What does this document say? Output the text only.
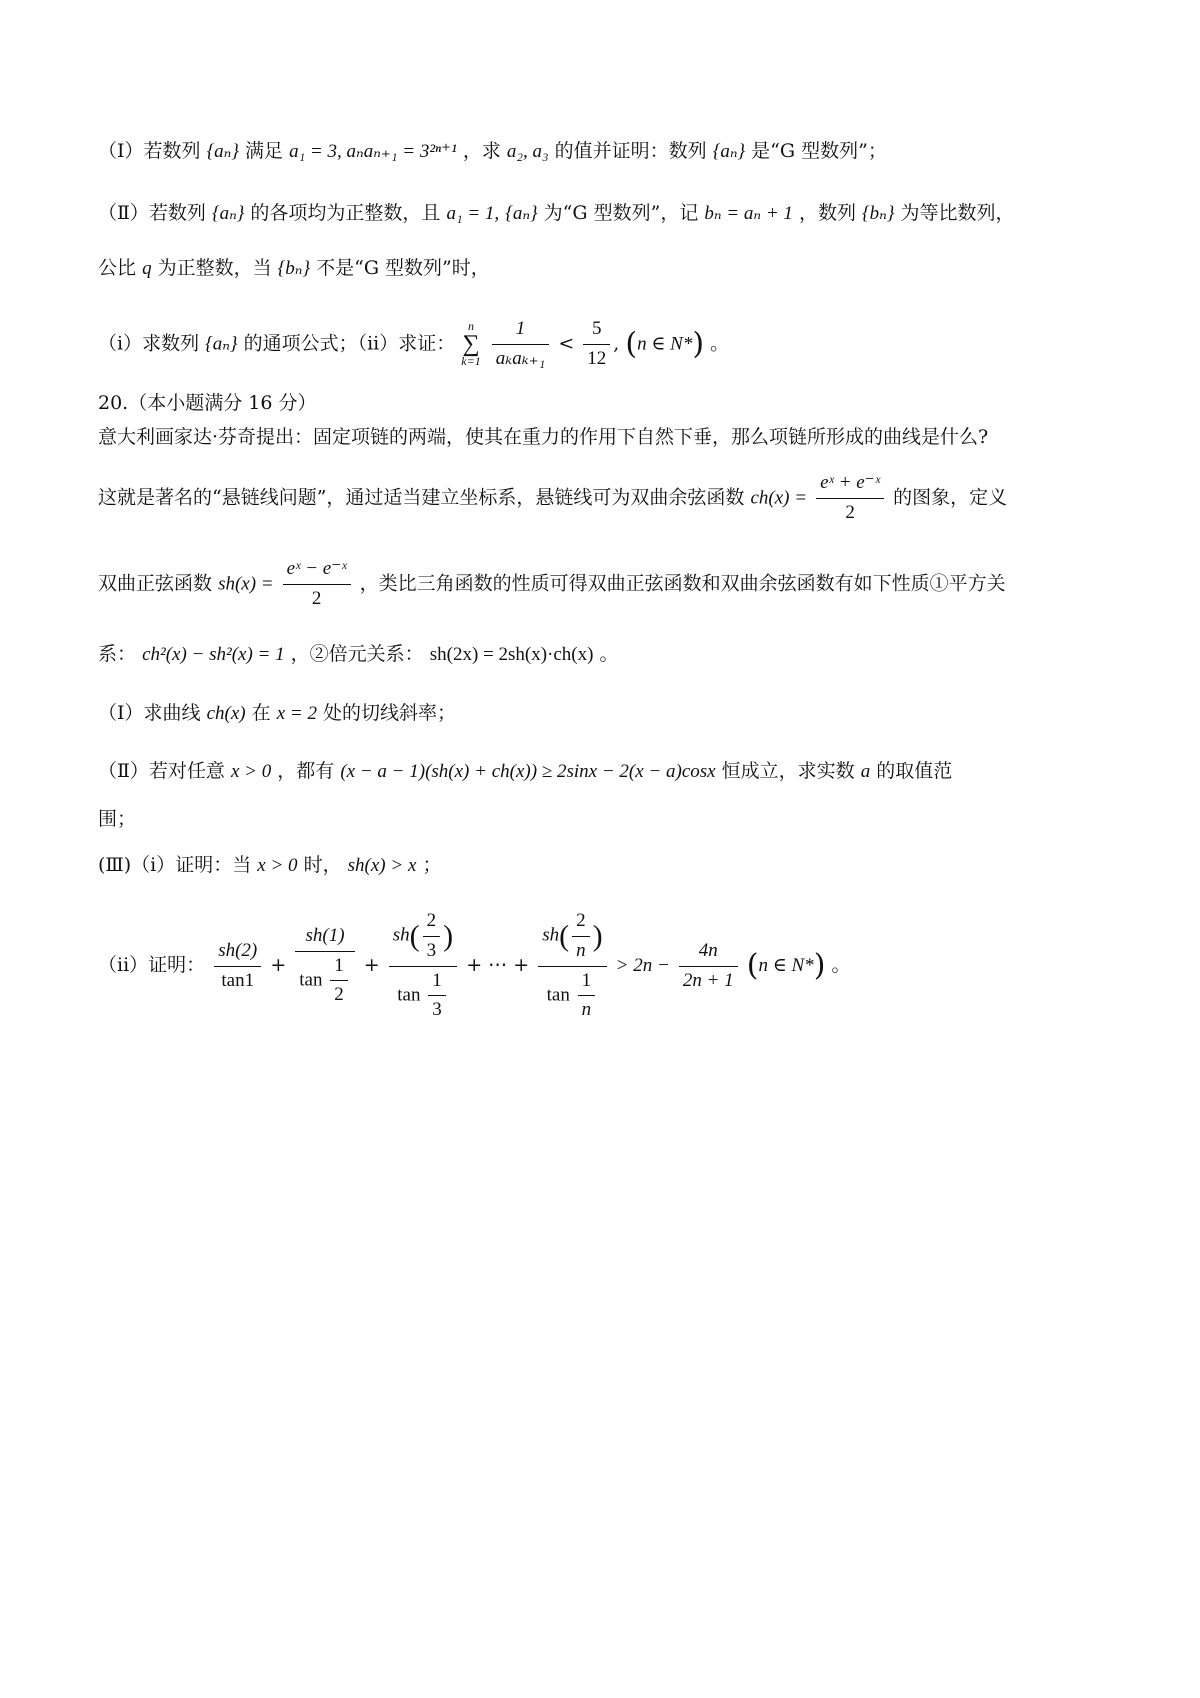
（Ⅰ）若数列 {aₙ} 满足 a₁ = 3, aₙaₙ₊₁ = 3²ⁿ⁺¹ ，求 a₂, a₃ 的值并证明：数列 {aₙ} 是“G 型数列”；
（Ⅱ）若数列 {aₙ} 的各项均为正整数，且 a₁ = 1, {aₙ} 为“G 型数列”，记 bₙ = aₙ + 1 ，数列 {bₙ} 为等比数列，
公比 q 为正整数，当 {bₙ} 不是“G 型数列”时，
（i）求数列 {aₙ} 的通项公式；（ii）求证： n
∑
$k=1 \frac{1}{\text{aₖaₖ₊₁}} < \frac{5}{12}$ , (n ∈ N*) 。
20.（本小题满分 16 分）
意大利画家达·芬奇提出：固定项链的两端，使其在重力的作用下自然下垂，那么项链所形成的曲线是什么?
这就是著名的“悬链线问题”，通过适当建立坐标系，悬链线可为双曲余弦函数 $ch(x) = \frac{\text{eˣ + e⁻ˣ}}{2}$ 的图象，定义
双曲正弦函数 $sh(x) = \frac{\text{eˣ − e⁻ˣ}}{2}$ ，类比三角函数的性质可得双曲正弦函数和双曲余弦函数有如下性质①平方关
系： ch²(x) − sh²(x) = 1 ，②倍元关系： sh(2x) = 2sh(x)·ch(x) 。
（Ⅰ）求曲线 ch(x) 在 x = 2 处的切线斜率；
（Ⅱ）若对任意 x > 0 ，都有 (x − a − 1)(sh(x) + ch(x)) ≥ 2sinx − 2(x − a)cosx 恒成立，求实数 a 的取值范
围；
(Ⅲ)（i）证明：当 x > 0 时， sh(x) > x ；
（ii）证明： $\frac{sh(2)}{\tan 1} + \frac{sh(1)}{\tan \frac{1}{2}} + \frac{sh( \frac{2}{3} )}{\tan \frac{1}{3}}$ + ⋯ + $\frac{sh( \frac{2}{n} )}{\tan \frac{1}{n}} > 2n - \frac{4n}{2n + 1} (n$ ∈ N*) 。
